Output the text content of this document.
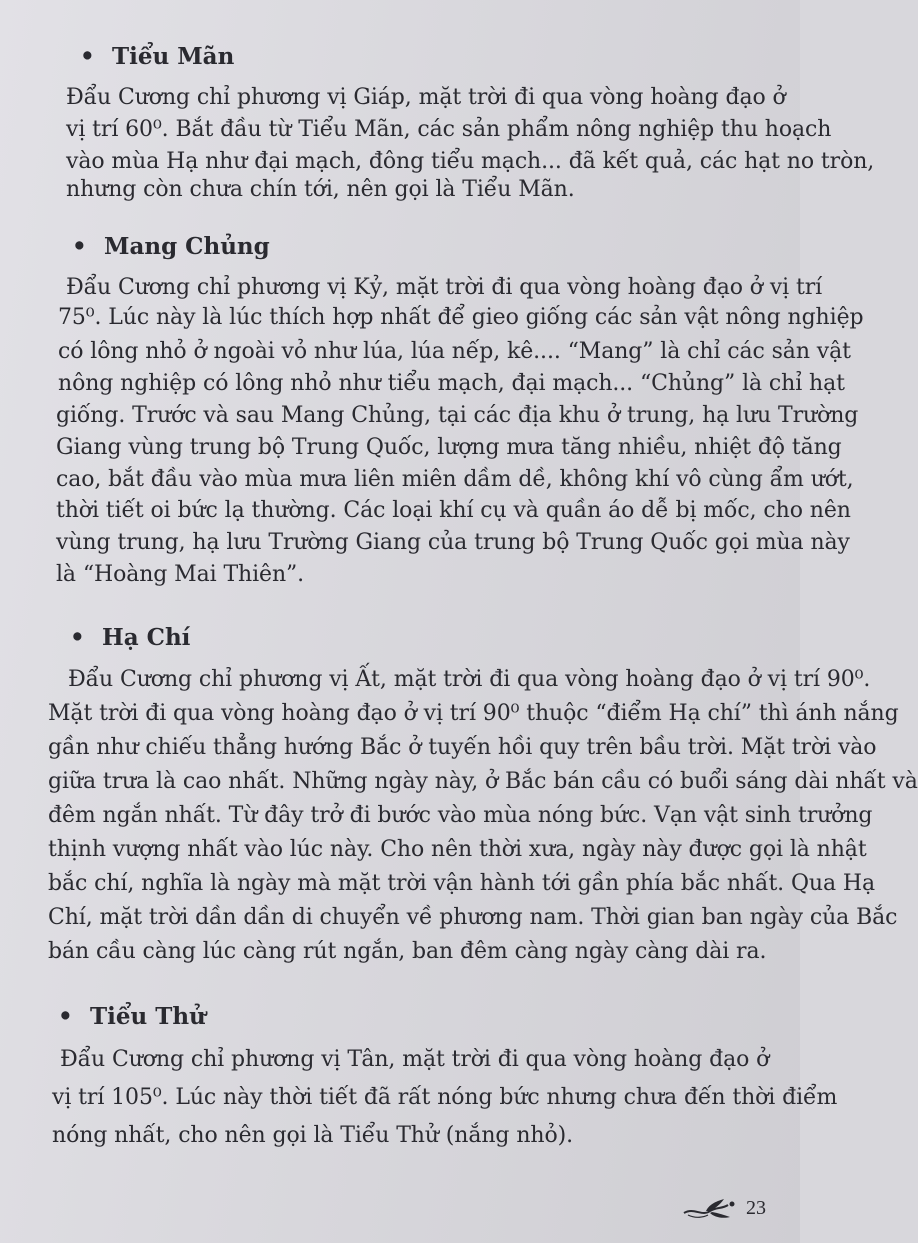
• Tiểu Mãn
Đẩu Cương chỉ phương vị Giáp, mặt trời đi qua vòng hoàng đạo ở
vị trí 60⁰. Bắt đầu từ Tiểu Mãn, các sản phẩm nông nghiệp thu hoạch
vào mùa Hạ như đại mạch, đông tiểu mạch... đã kết quả, các hạt no tròn,
nhưng còn chưa chín tới, nên gọi là Tiểu Mãn.
• Mang Chủng
Đẩu Cương chỉ phương vị Kỷ, mặt trời đi qua vòng hoàng đạo ở vị trí
75⁰. Lúc này là lúc thích hợp nhất để gieo giống các sản vật nông nghiệp
có lông nhỏ ở ngoài vỏ như lúa, lúa nếp, kê.... “Mang” là chỉ các sản vật
nông nghiệp có lông nhỏ như tiểu mạch, đại mạch... “Chủng” là chỉ hạt
giống. Trước và sau Mang Chủng, tại các địa khu ở trung, hạ lưu Trường
Giang vùng trung bộ Trung Quốc, lượng mưa tăng nhiều, nhiệt độ tăng
cao, bắt đầu vào mùa mưa liên miên dầm dề, không khí vô cùng ẩm ướt,
thời tiết oi bức lạ thường. Các loại khí cụ và quần áo dễ bị mốc, cho nên
vùng trung, hạ lưu Trường Giang của trung bộ Trung Quốc gọi mùa này
là “Hoàng Mai Thiên”.
• Hạ Chí
Đẩu Cương chỉ phương vị Ất, mặt trời đi qua vòng hoàng đạo ở vị trí 90⁰.
Mặt trời đi qua vòng hoàng đạo ở vị trí 90⁰ thuộc “điểm Hạ chí” thì ánh nắng
gần như chiếu thẳng hướng Bắc ở tuyến hồi quy trên bầu trời. Mặt trời vào
giữa trưa là cao nhất. Những ngày này, ở Bắc bán cầu có buổi sáng dài nhất và
đêm ngắn nhất. Từ đây trở đi bước vào mùa nóng bức. Vạn vật sinh trưởng
thịnh vượng nhất vào lúc này. Cho nên thời xưa, ngày này được gọi là nhật
bắc chí, nghĩa là ngày mà mặt trời vận hành tới gần phía bắc nhất. Qua Hạ
Chí, mặt trời dần dần di chuyển về phương nam. Thời gian ban ngày của Bắc
bán cầu càng lúc càng rút ngắn, ban đêm càng ngày càng dài ra.
• Tiểu Thử
Đẩu Cương chỉ phương vị Tân, mặt trời đi qua vòng hoàng đạo ở
vị trí 105⁰. Lúc này thời tiết đã rất nóng bức nhưng chưa đến thời điểm
nóng nhất, cho nên gọi là Tiểu Thử (nắng nhỏ).
23
